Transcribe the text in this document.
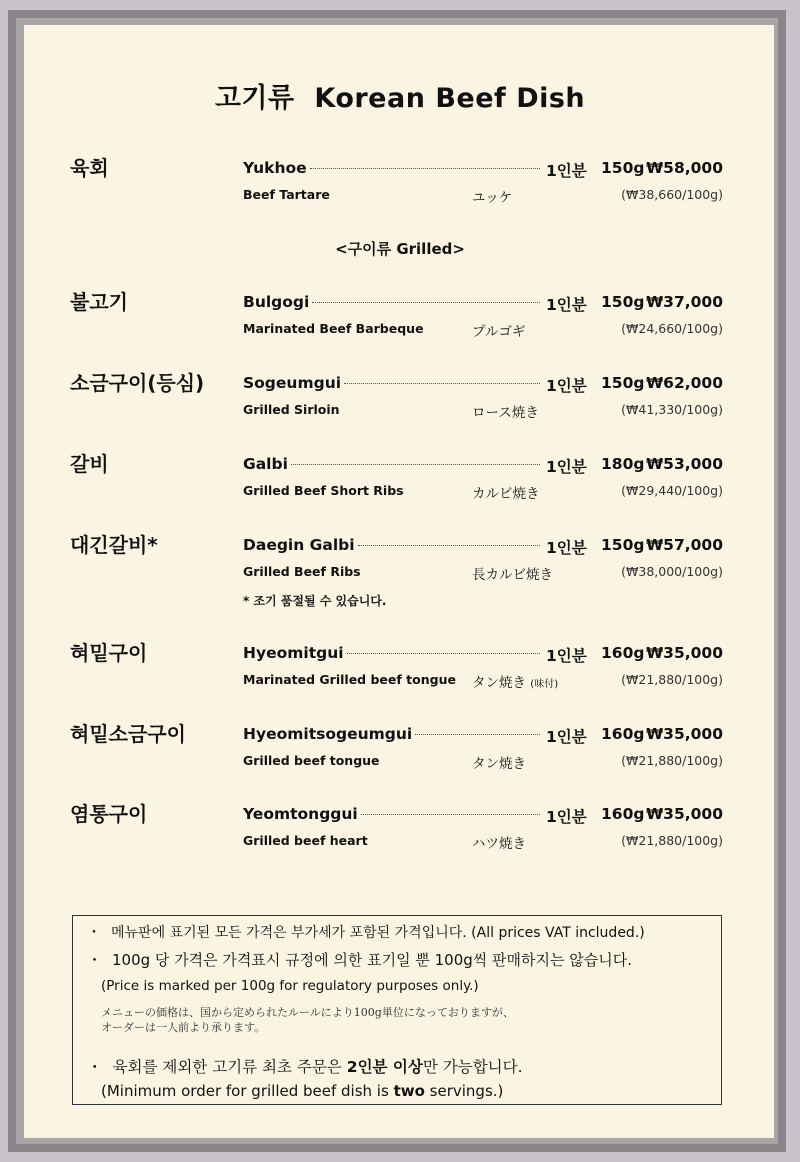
고기류  Korean Beef Dish
육회	Yukhoe	1인분 150g ₩58,000
Beef Tartare	ユッケ	(₩38,660/100g)
불고기	Bulgogi	1인분 150g ₩37,000
Marinated Beef Barbeque	プルゴギ	(₩24,660/100g)
소금구이(등심)	Sogeumgui	1인분 150g ₩62,000
Grilled Sirloin	ロース焼き	(₩41,330/100g)
갈비	Galbi	1인분 180g ₩53,000
Grilled Beef Short Ribs	カルビ焼き	(₩29,440/100g)
대긴갈비*	Daegin Galbi	1인분 150g ₩57,000
Grilled Beef Ribs	長カルビ焼き	(₩38,000/100g)
* 조기 품절될 수 있습니다.
혀밑구이	Hyeomitgui	1인분 160g ₩35,000
Marinated Grilled beef tongue タン焼き (味付)	(₩21,880/100g)
혀밑소금구이	Hyeomitsogeumgui	1인분 160g ₩35,000
Grilled beef tongue	タン焼き	(₩21,880/100g)
염통구이	Yeomtonggui	1인분 160g ₩35,000
Grilled beef heart	ハツ焼き	(₩21,880/100g)
<구이류 Grilled>
・ 메뉴판에 표기된 모든 가격은 부가세가 포함된 가격입니다. (All prices VAT included.)
・ 100g 당 가격은 가격표시 규정에 의한 표기일 뿐 100g씩 판매하지는 않습니다.
(Price is marked per 100g for regulatory purposes only.)
メニューの価格は、国から定められたルールにより100g単位になっておりますが、
オーダーは一人前より承ります。
・ 육회를 제외한 고기류 최초 주문은 2인분 이상만 가능합니다.
(Minimum order for grilled beef dish is two servings.)
